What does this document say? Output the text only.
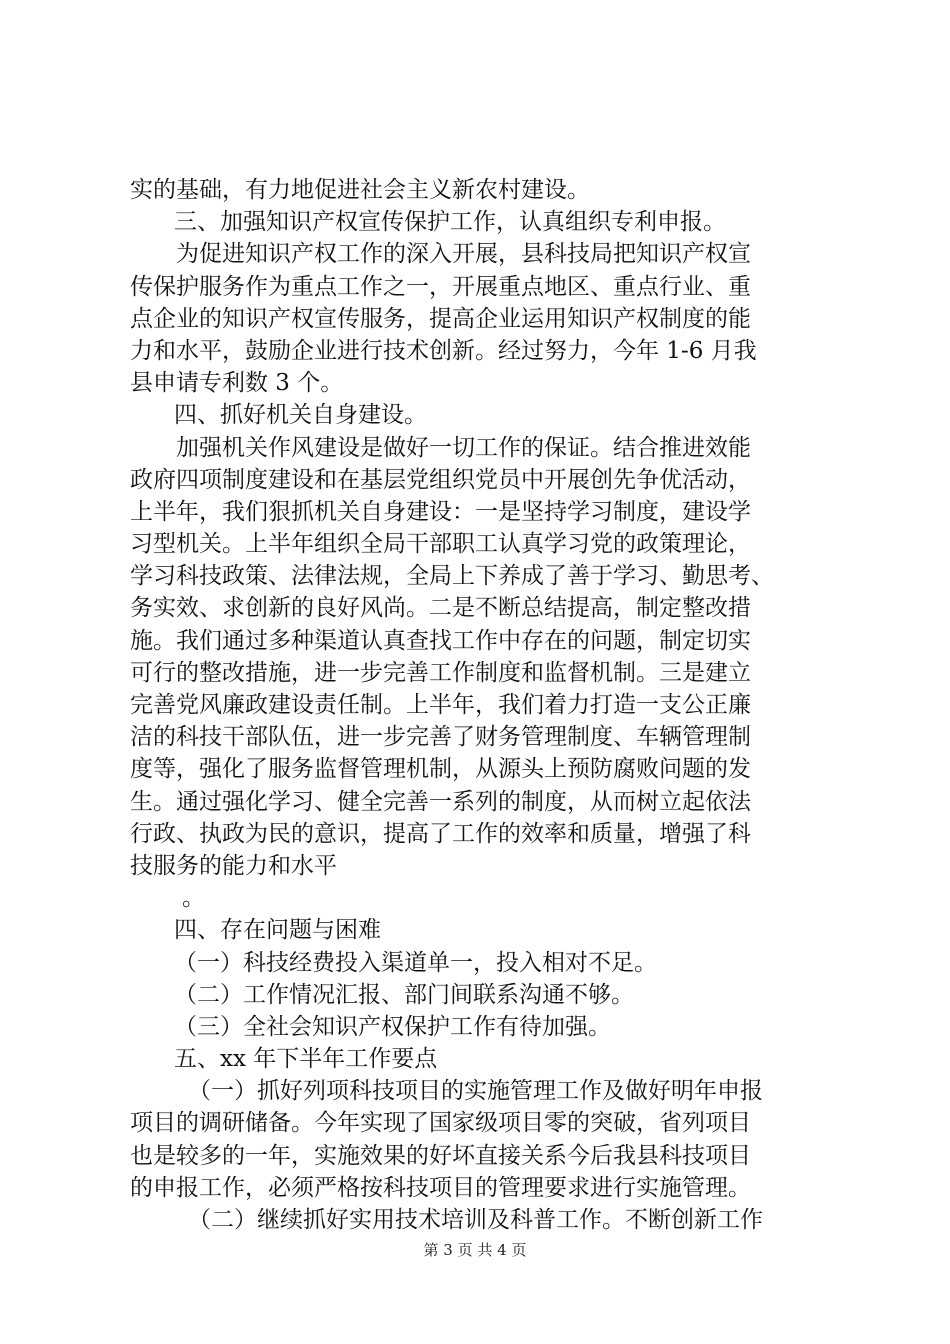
实的基础，有力地促进社会主义新农村建设。
三、加强知识产权宣传保护工作，认真组织专利申报。
为促进知识产权工作的深入开展，县科技局把知识产权宣
传保护服务作为重点工作之一，开展重点地区、重点行业、重
点企业的知识产权宣传服务，提高企业运用知识产权制度的能
力和水平，鼓励企业进行技术创新。经过努力，今年 1-6 月我
县申请专利数 3 个。
四、抓好机关自身建设。
加强机关作风建设是做好一切工作的保证。结合推进效能
政府四项制度建设和在基层党组织党员中开展创先争优活动，
上半年，我们狠抓机关自身建设：一是坚持学习制度，建设学
习型机关。上半年组织全局干部职工认真学习党的政策理论，
学习科技政策、法律法规，全局上下养成了善于学习、勤思考、
务实效、求创新的良好风尚。二是不断总结提高，制定整改措
施。我们通过多种渠道认真查找工作中存在的问题，制定切实
可行的整改措施，进一步完善工作制度和监督机制。三是建立
完善党风廉政建设责任制。上半年，我们着力打造一支公正廉
洁的科技干部队伍，进一步完善了财务管理制度、车辆管理制
度等，强化了服务监督管理机制，从源头上预防腐败问题的发
生。通过强化学习、健全完善一系列的制度，从而树立起依法
行政、执政为民的意识，提高了工作的效率和质量，增强了科
技服务的能力和水平
。
四、存在问题与困难
（一）科技经费投入渠道单一，投入相对不足。
（二）工作情况汇报、部门间联系沟通不够。
（三）全社会知识产权保护工作有待加强。
五、xx 年下半年工作要点
（一）抓好列项科技项目的实施管理工作及做好明年申报
项目的调研储备。今年实现了国家级项目零的突破，省列项目
也是较多的一年，实施效果的好坏直接关系今后我县科技项目
的申报工作，必须严格按科技项目的管理要求进行实施管理。
（二）继续抓好实用技术培训及科普工作。不断创新工作
第 3 页 共 4 页
